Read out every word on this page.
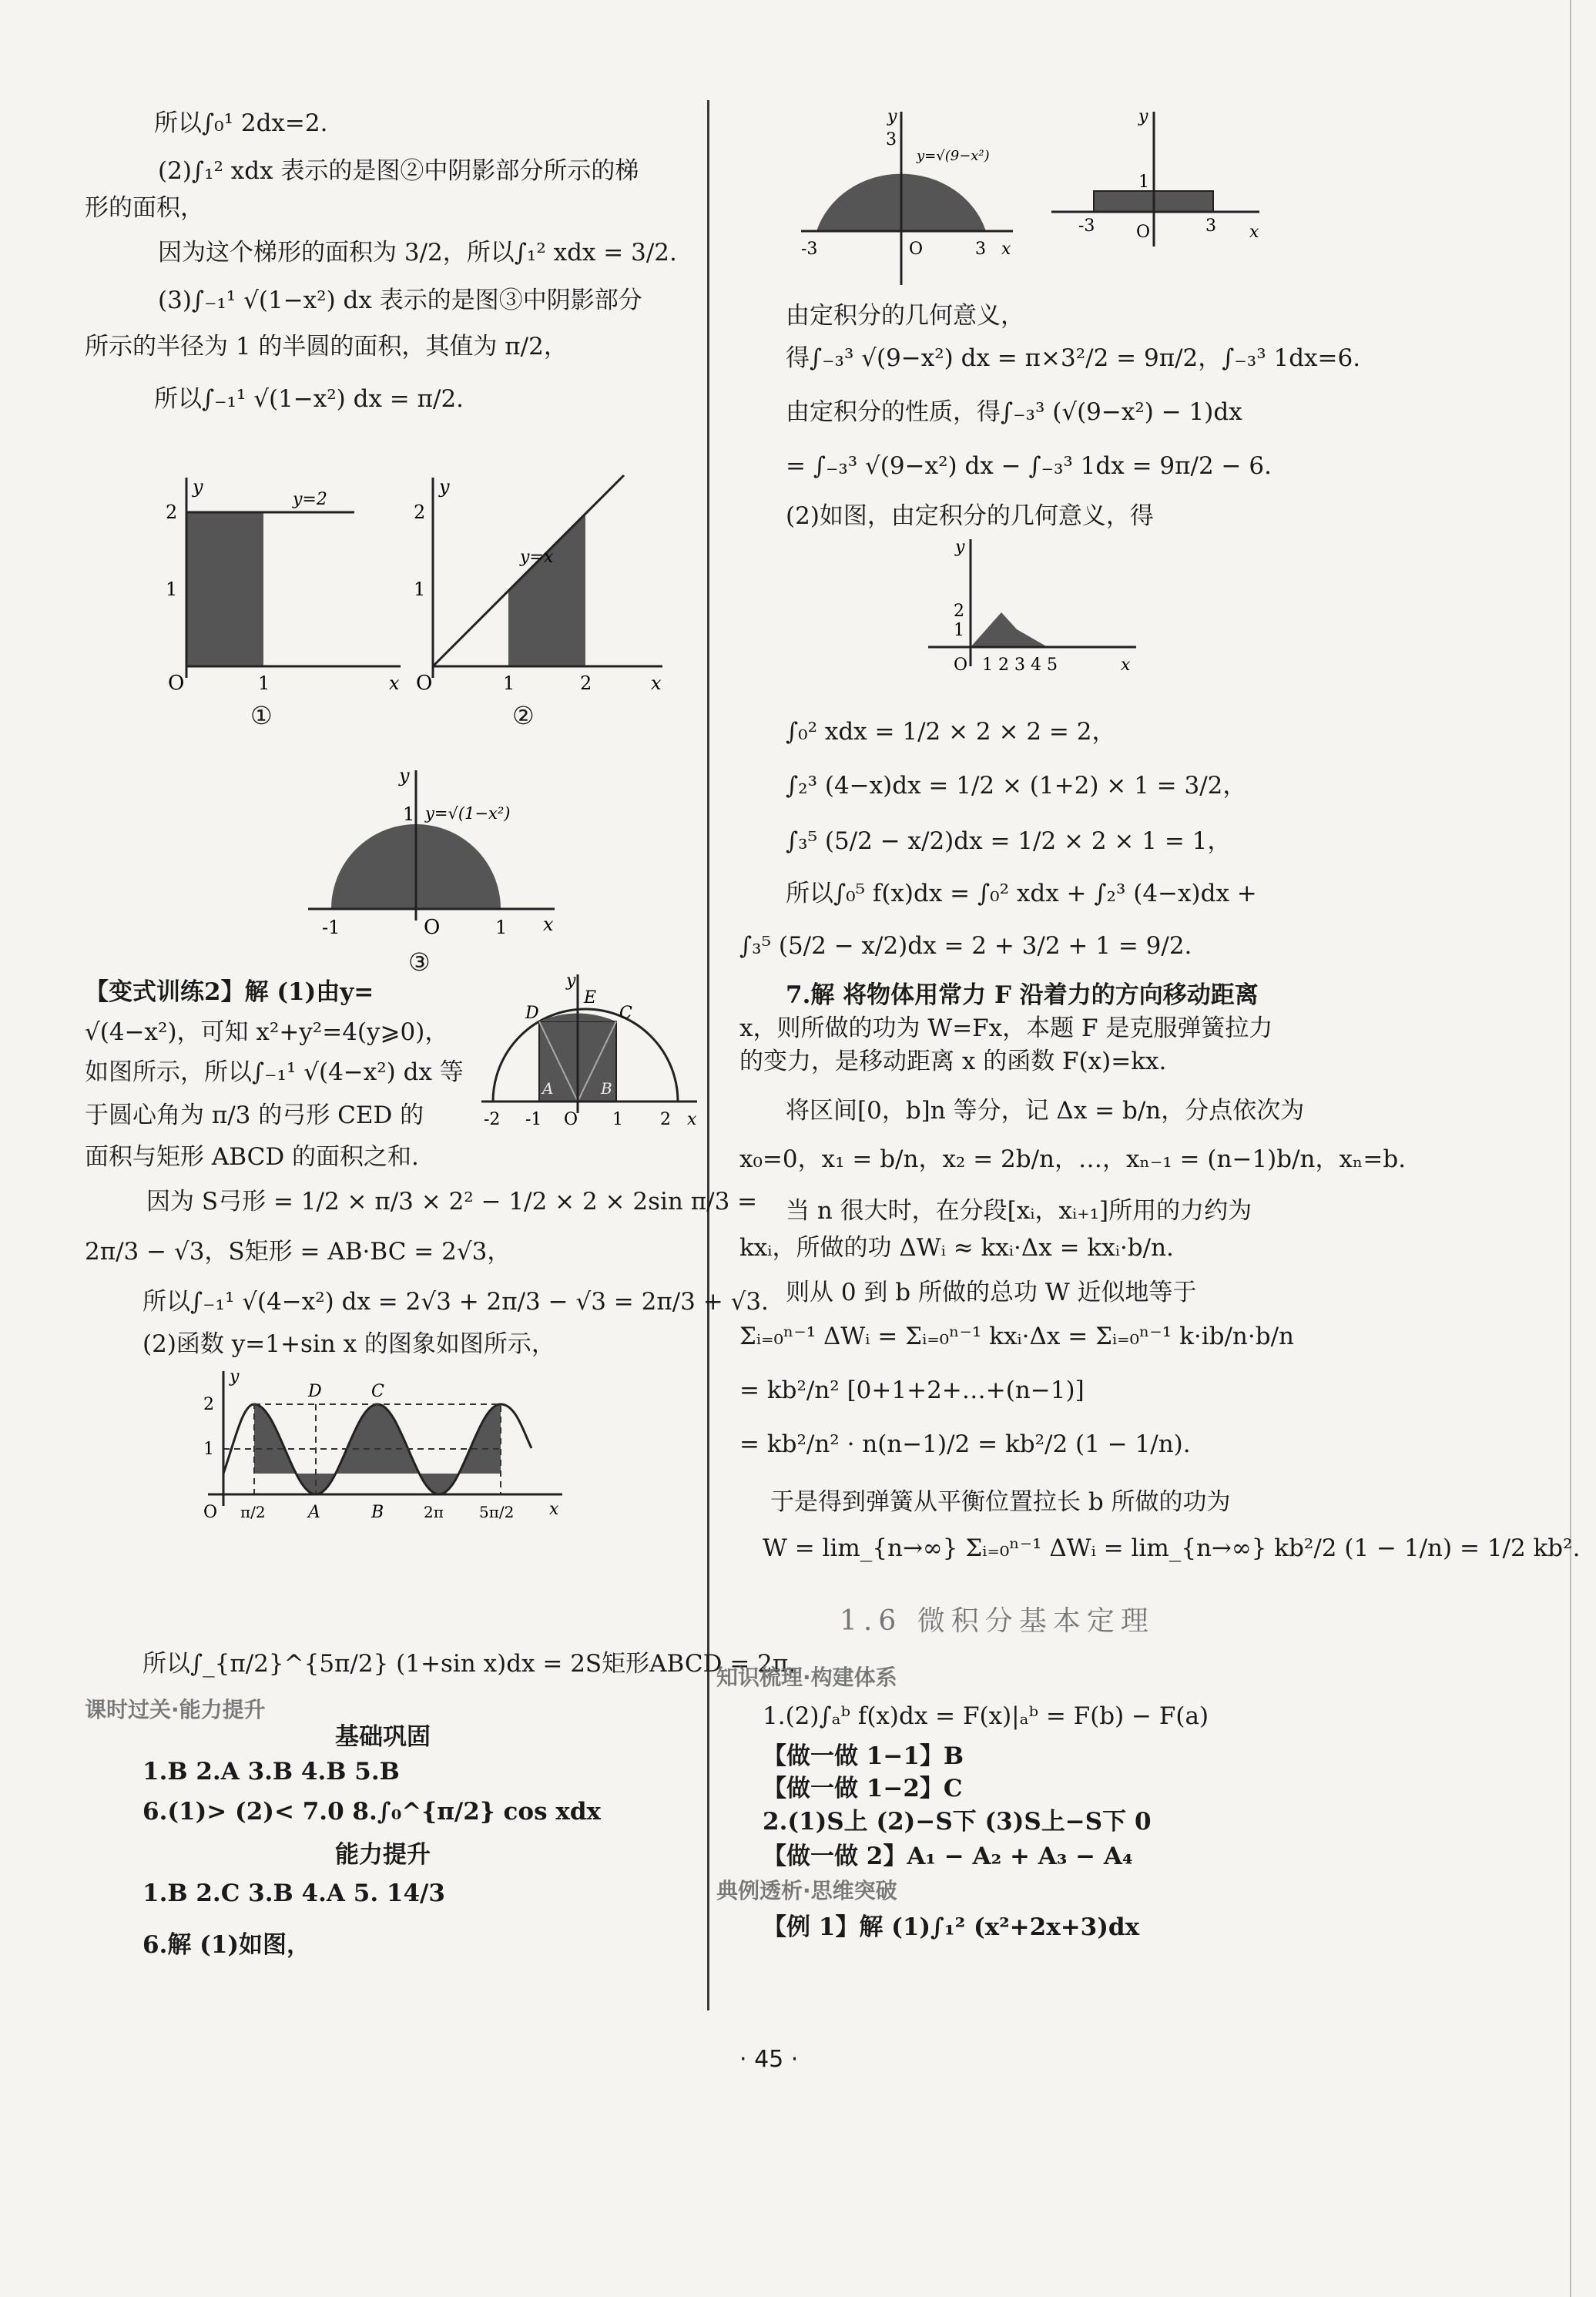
所以∫₀¹ 2dx=2.
(2)∫₁² xdx 表示的是图②中阴影部分所示的梯
形的面积，
因为这个梯形的面积为 3/2，所以∫₁² xdx = 3/2.
(3)∫₋₁¹ √(1−x²) dx 表示的是图③中阴影部分
所示的半径为 1 的半圆的面积，其值为 π/2，
所以∫₋₁¹ √(1−x²) dx = π/2.
y
x
O
2
1
1
y=2
①
y
x
O
2
1
1	2
y=x
②
y
x
O
-1	1
1 y=√(1−x²)
③
【变式训练2】解 (1)由y=
√(4−x²)，可知 x²+y²=4(y⩾0)，
如图所示，所以∫₋₁¹ √(4−x²) dx 等
于圆心角为 π/3 的弓形 CED 的
面积与矩形 ABCD 的面积之和.
y
x
D
E
C
A	B
-2 -1 O 1 2
因为 S弓形 = 1/2 × π/3 × 2² − 1/2 × 2 × 2sin π/3 =
2π/3 − √3，S矩形 = AB·BC = 2√3，
所以∫₋₁¹ √(4−x²) dx = 2√3 + 2π/3 − √3 = 2π/3 + √3.
(2)函数 y=1+sin x 的图象如图所示，
y
x
2
1
O
D	C
A	B
π/2	2π 5π/2
所以∫_{π/2}^{5π/2} (1+sin x)dx = 2S矩形ABCD = 2π.
课时过关·能力提升
基础巩固
1.B 2.A 3.B 4.B 5.B
6.(1)> (2)< 7.0 8.∫₀^{π/2} cos xdx
能力提升
1.B 2.C 3.B 4.A 5. 14/3
6.解 (1)如图，
y
x
3
-3	O	3
y=√(9−x²)
y
x
1
-3 O	3
由定积分的几何意义，
得∫₋₃³ √(9−x²) dx = π×3²/2 = 9π/2，∫₋₃³ 1dx=6.
由定积分的性质，得∫₋₃³ (√(9−x²) − 1)dx
= ∫₋₃³ √(9−x²) dx − ∫₋₃³ 1dx = 9π/2 − 6.
(2)如图，由定积分的几何意义，得
y
2
1
O 1 2 3 4 5	x
∫₀² xdx = 1/2 × 2 × 2 = 2，
∫₂³ (4−x)dx = 1/2 × (1+2) × 1 = 3/2，
∫₃⁵ (5/2 − x/2)dx = 1/2 × 2 × 1 = 1，
所以∫₀⁵ f(x)dx = ∫₀² xdx + ∫₂³ (4−x)dx +
∫₃⁵ (5/2 − x/2)dx = 2 + 3/2 + 1 = 9/2.
7.解 将物体用常力 F 沿着力的方向移动距离
x，则所做的功为 W=Fx，本题 F 是克服弹簧拉力
的变力，是移动距离 x 的函数 F(x)=kx.
将区间[0，b]n 等分，记 Δx = b/n，分点依次为
x₀=0，x₁ = b/n，x₂ = 2b/n，…，xₙ₋₁ = (n−1)b/n，xₙ=b.
当 n 很大时，在分段[xᵢ，xᵢ₊₁]所用的力约为
kxᵢ，所做的功 ΔWᵢ ≈ kxᵢ·Δx = kxᵢ·b/n.
则从 0 到 b 所做的总功 W 近似地等于
Σᵢ₌₀ⁿ⁻¹ ΔWᵢ = Σᵢ₌₀ⁿ⁻¹ kxᵢ·Δx = Σᵢ₌₀ⁿ⁻¹ k·ib/n·b/n
= kb²/n² [0+1+2+…+(n−1)]
= kb²/n² · n(n−1)/2 = kb²/2 (1 − 1/n).
于是得到弹簧从平衡位置拉长 b 所做的功为
W = lim_{n→∞} Σᵢ₌₀ⁿ⁻¹ ΔWᵢ = lim_{n→∞} kb²/2 (1 − 1/n) = 1/2 kb².
1.6 微积分基本定理
知识梳理·构建体系
1.(2)∫ₐᵇ f(x)dx = F(x)|ₐᵇ = F(b) − F(a)
【做一做 1−1】B
【做一做 1−2】C
2.(1)S上 (2)−S下 (3)S上−S下 0
【做一做 2】A₁ − A₂ + A₃ − A₄
典例透析·思维突破
【例 1】解 (1)∫₁² (x²+2x+3)dx
· 45 ·
